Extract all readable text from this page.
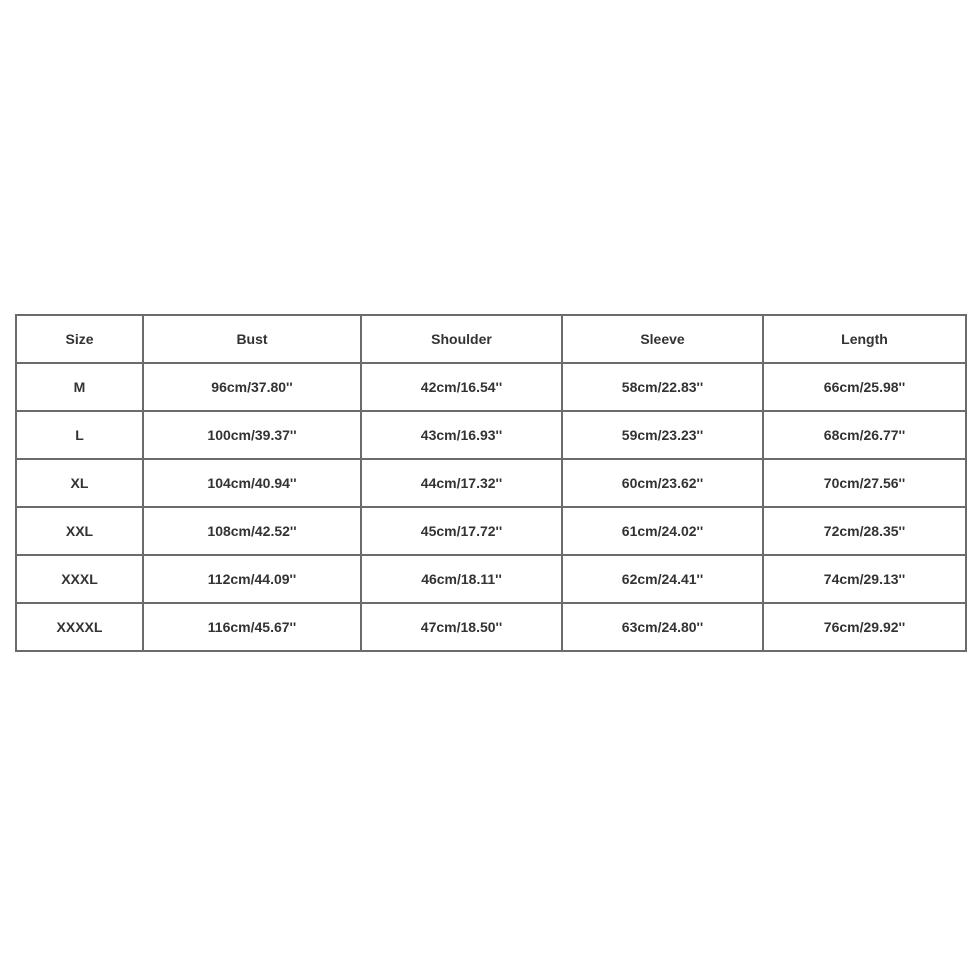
Size	Bust	Shoulder	Sleeve	Length
M	96cm/37.80''	42cm/16.54''	58cm/22.83''	66cm/25.98''
L	100cm/39.37''	43cm/16.93''	59cm/23.23''	68cm/26.77''
XL	104cm/40.94''	44cm/17.32''	60cm/23.62''	70cm/27.56''
XXL	108cm/42.52''	45cm/17.72''	61cm/24.02''	72cm/28.35''
XXXL	112cm/44.09''	46cm/18.11''	62cm/24.41''	74cm/29.13''
XXXXL	116cm/45.67''	47cm/18.50''	63cm/24.80''	76cm/29.92''
